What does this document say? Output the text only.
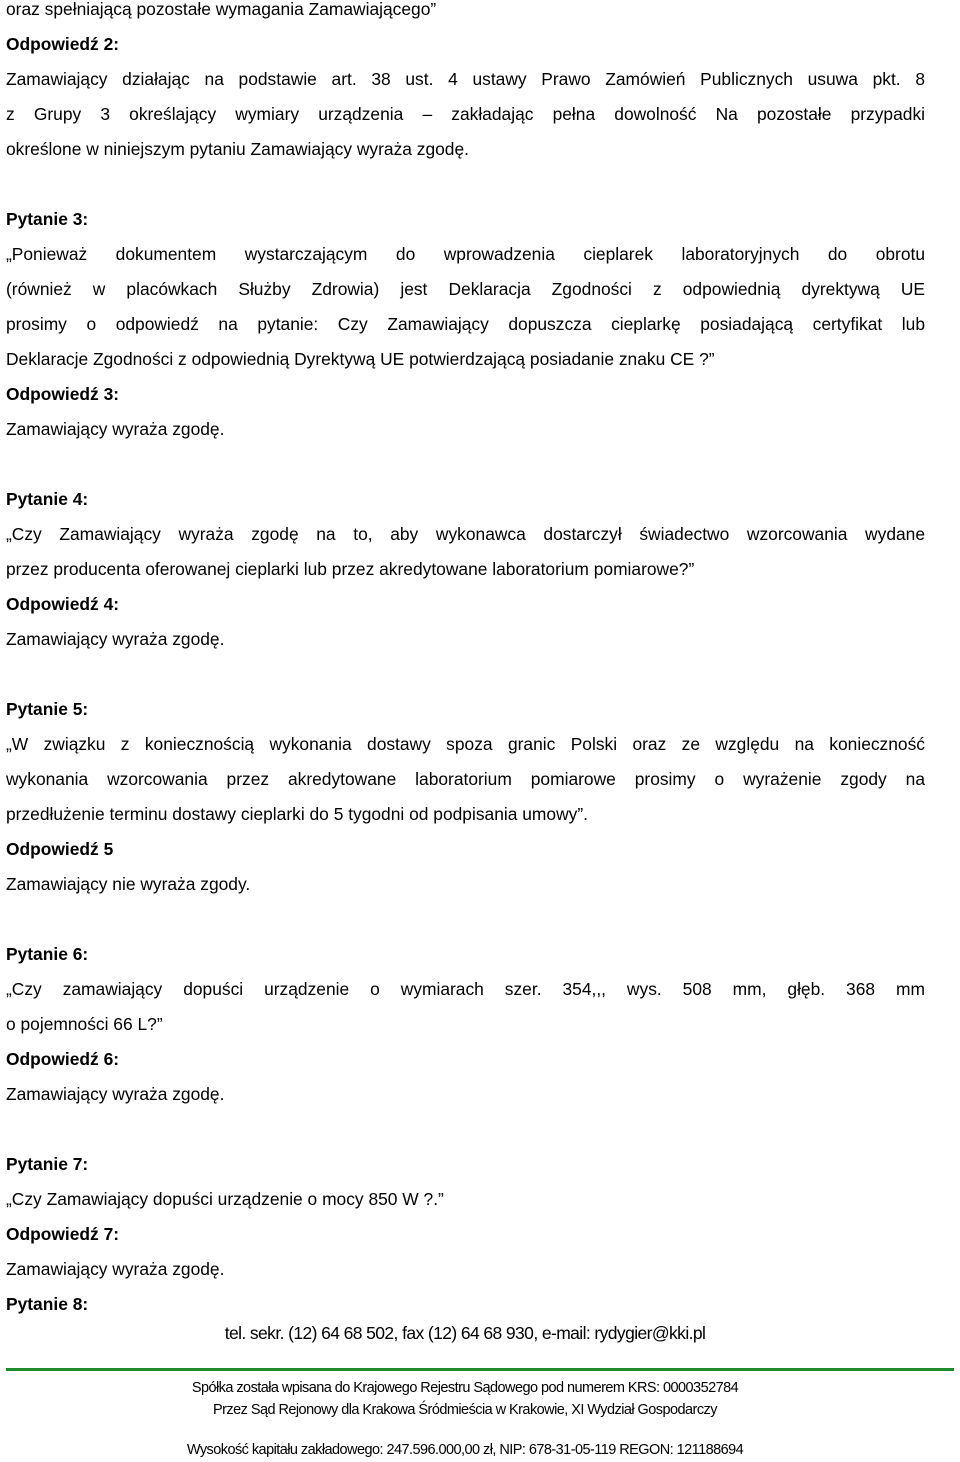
oraz spełniającą pozostałe wymagania Zamawiającego”
Odpowiedź 2:
Zamawiający działając na podstawie art. 38 ust. 4 ustawy Prawo Zamówień Publicznych usuwa pkt. 8
z Grupy 3 określający wymiary urządzenia – zakładając pełna dowolność Na pozostałe przypadki
określone w niniejszym pytaniu Zamawiający wyraża zgodę.
Pytanie 3:
„Ponieważ dokumentem wystarczającym do wprowadzenia cieplarek laboratoryjnych do obrotu
(również w placówkach Służby Zdrowia) jest Deklaracja Zgodności z odpowiednią dyrektywą UE
prosimy o odpowiedź na pytanie: Czy Zamawiający dopuszcza cieplarkę posiadającą certyfikat lub
Deklaracje Zgodności z odpowiednią Dyrektywą UE potwierdzającą posiadanie znaku CE ?”
Odpowiedź 3:
Zamawiający wyraża zgodę.
Pytanie 4:
„Czy Zamawiający wyraża zgodę na to, aby wykonawca dostarczył świadectwo wzorcowania wydane
przez producenta oferowanej cieplarki lub przez akredytowane laboratorium pomiarowe?”
Odpowiedź 4:
Zamawiający wyraża zgodę.
Pytanie 5:
„W związku z koniecznością wykonania dostawy spoza granic Polski oraz ze względu na konieczność
wykonania wzorcowania przez akredytowane laboratorium pomiarowe prosimy o wyrażenie zgody na
przedłużenie terminu dostawy cieplarki do 5 tygodni od podpisania umowy”.
Odpowiedź 5
Zamawiający nie wyraża zgody.
Pytanie 6:
„Czy zamawiający dopuści urządzenie o wymiarach szer. 354,,, wys. 508 mm, głęb. 368 mm
o pojemności 66 L?”
Odpowiedź 6:
Zamawiający wyraża zgodę.
Pytanie 7:
„Czy Zamawiający dopuści urządzenie o mocy 850 W ?.”
Odpowiedź 7:
Zamawiający wyraża zgodę.
Pytanie 8:
tel. sekr. (12) 64 68 502, fax (12) 64 68 930, e-mail: rydygier@kki.pl
Spółka została wpisana do Krajowego Rejestru Sądowego pod numerem KRS: 0000352784
Przez Sąd Rejonowy dla Krakowa Śródmieścia w Krakowie, XI Wydział Gospodarczy
Wysokość kapitału zakładowego: 247.596.000,00 zł, NIP: 678-31-05-119 REGON: 121188694
